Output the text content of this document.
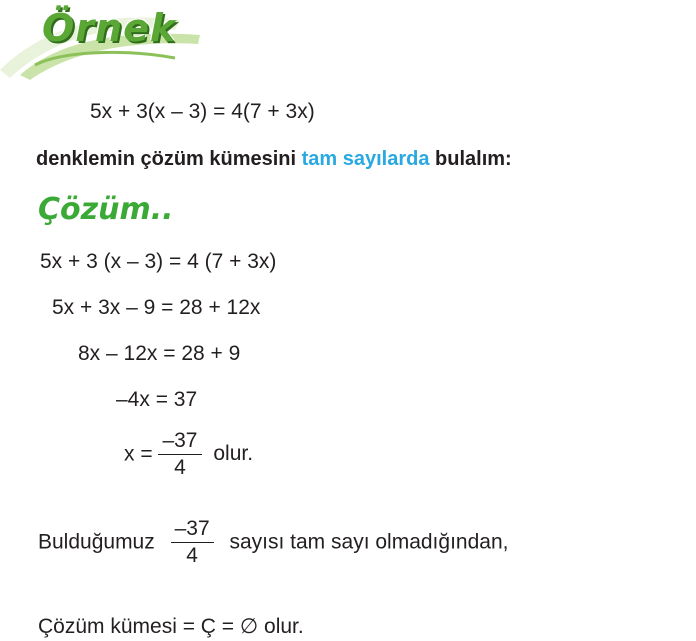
Örnek
5x + 3(x – 3) = 4(7 + 3x)
denklemin çözüm kümesini tam sayılarda bulalım:
Çözüm..
5x + 3 (x – 3) = 4 (7 + 3x)
5x + 3x – 9 = 28 + 12x
8x – 12x = 28 + 9
–4x = 37
$x = \frac{-37}{4}$ olur.
Bulduğumuz $\frac{-37}{4}$ sayısı tam sayı olmadığından,
Çözüm kümesi = Ç = ∅ olur.
